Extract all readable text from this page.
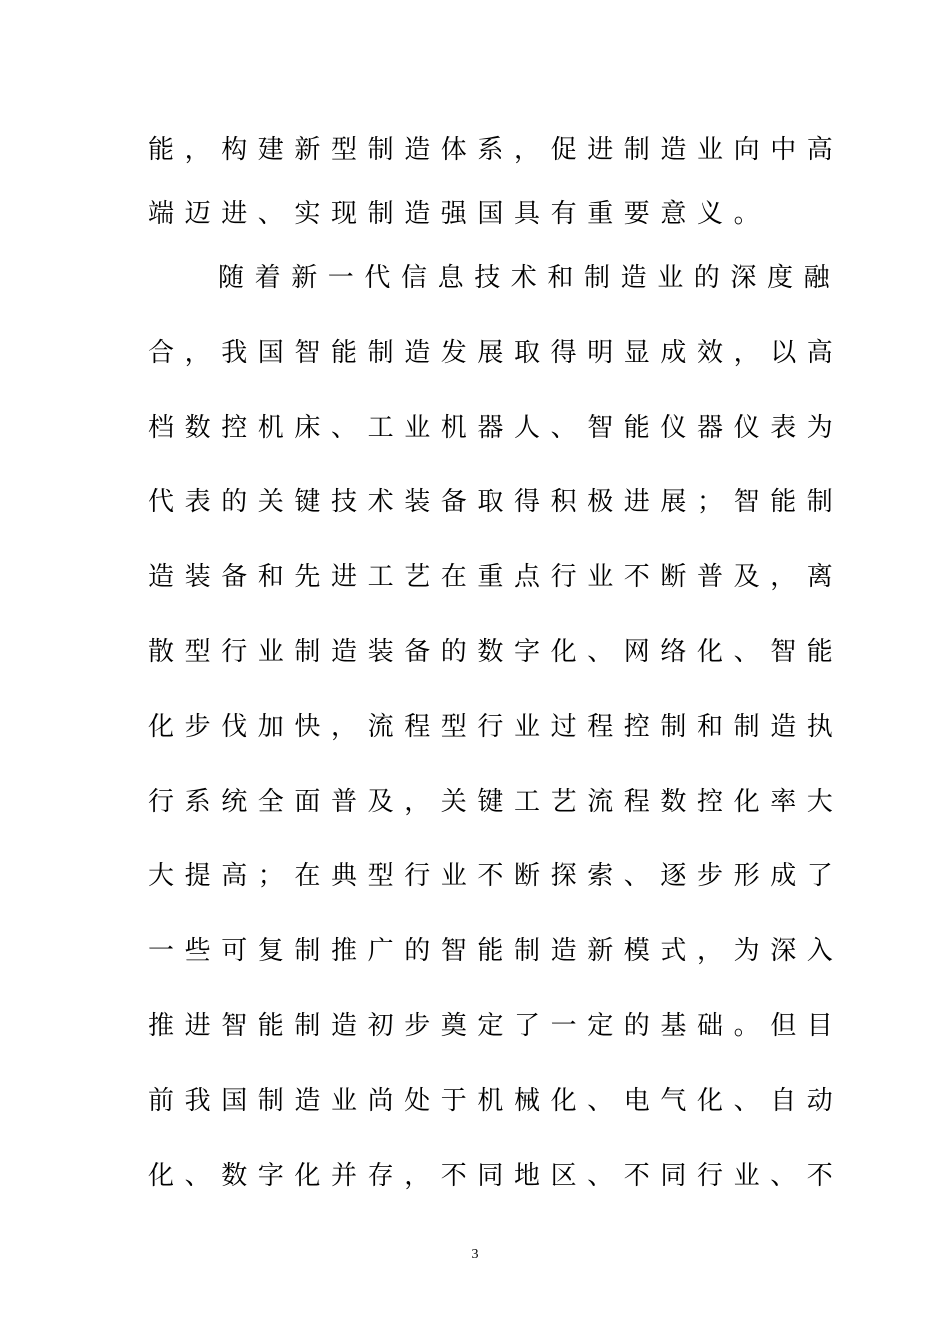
能，构建新型制造体系，促进制造业向中高
端迈进、实现制造强国具有重要意义。
随着新一代信息技术和制造业的深度融
合，我国智能制造发展取得明显成效，以高
档数控机床、工业机器人、智能仪器仪表为
代表的关键技术装备取得积极进展；智能制
造装备和先进工艺在重点行业不断普及，离
散型行业制造装备的数字化、网络化、智能
化步伐加快，流程型行业过程控制和制造执
行系统全面普及，关键工艺流程数控化率大
大提高；在典型行业不断探索、逐步形成了
一些可复制推广的智能制造新模式，为深入
推进智能制造初步奠定了一定的基础。但目
前我国制造业尚处于机械化、电气化、自动
化、数字化并存，不同地区、不同行业、不
3
